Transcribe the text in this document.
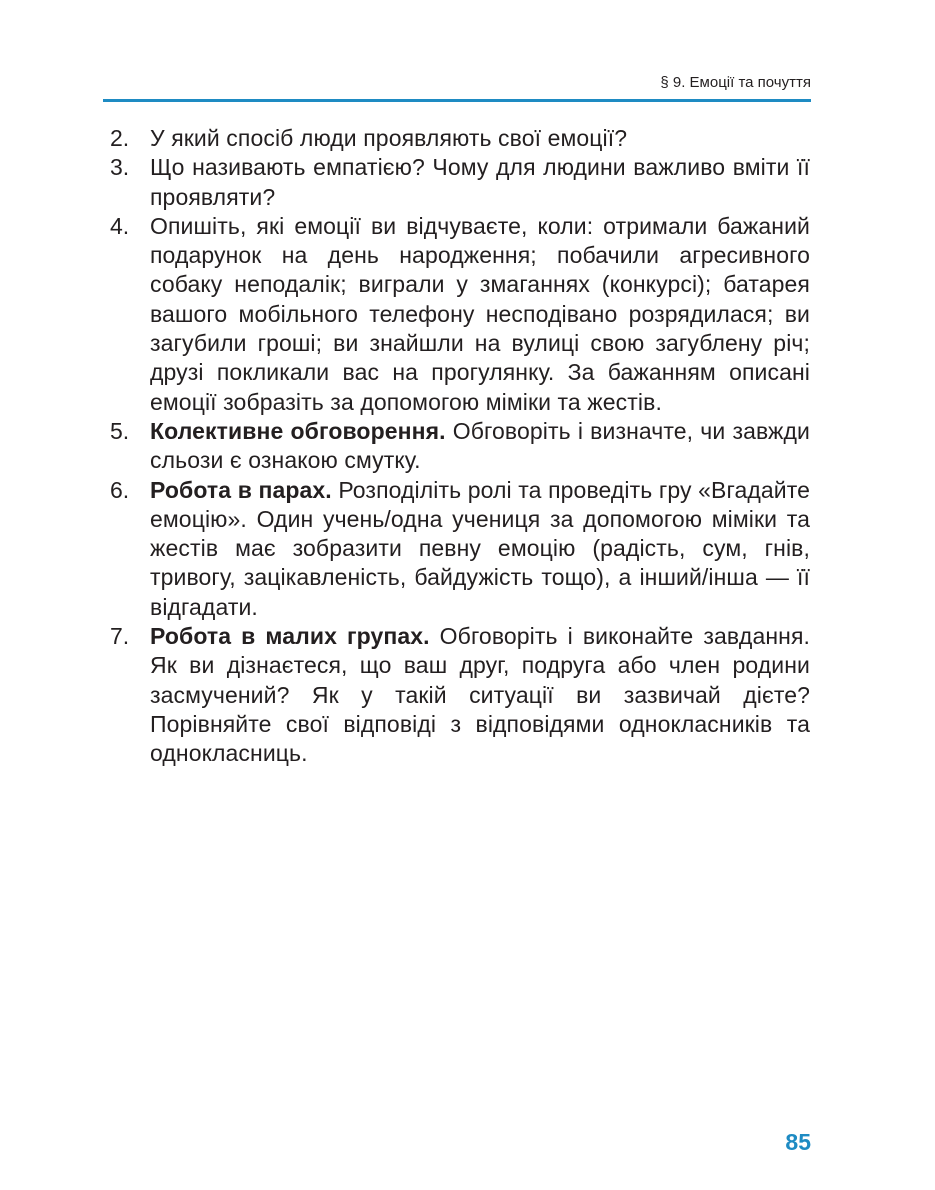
§ 9. Емоції та почуття
2. У який спосіб люди проявляють свої емоції?
3. Що називають емпатією? Чому для людини важливо вміти її проявляти?
4. Опишіть, які емоції ви відчуваєте, коли: отримали бажаний подарунок на день народження; побачили агресивного собаку неподалік; виграли у змаганнях (конкурсі); батарея вашого мобільного телефону несподівано розрядилася; ви загубили гроші; ви знайшли на вулиці свою загублену річ; друзі покликали вас на прогулянку. За бажанням описані емоції зобразіть за допомогою міміки та жестів.
5. Колективне обговорення. Обговоріть і визначте, чи завжди сльози є ознакою смутку.
6. Робота в парах. Розподіліть ролі та проведіть гру «Вгадайте емоцію». Один учень/одна учениця за допомогою міміки та жестів має зобразити певну емоцію (радість, сум, гнів, тривогу, зацікавленість, байдужість тощо), а інший/інша — її відгадати.
7. Робота в малих групах. Обговоріть і виконайте завдання. Як ви дізнаєтеся, що ваш друг, подруга або член родини засмучений? Як у такій ситуації ви зазвичай дієте? Порівняйте свої відповіді з відповідями однокласників та однокласниць.
85
